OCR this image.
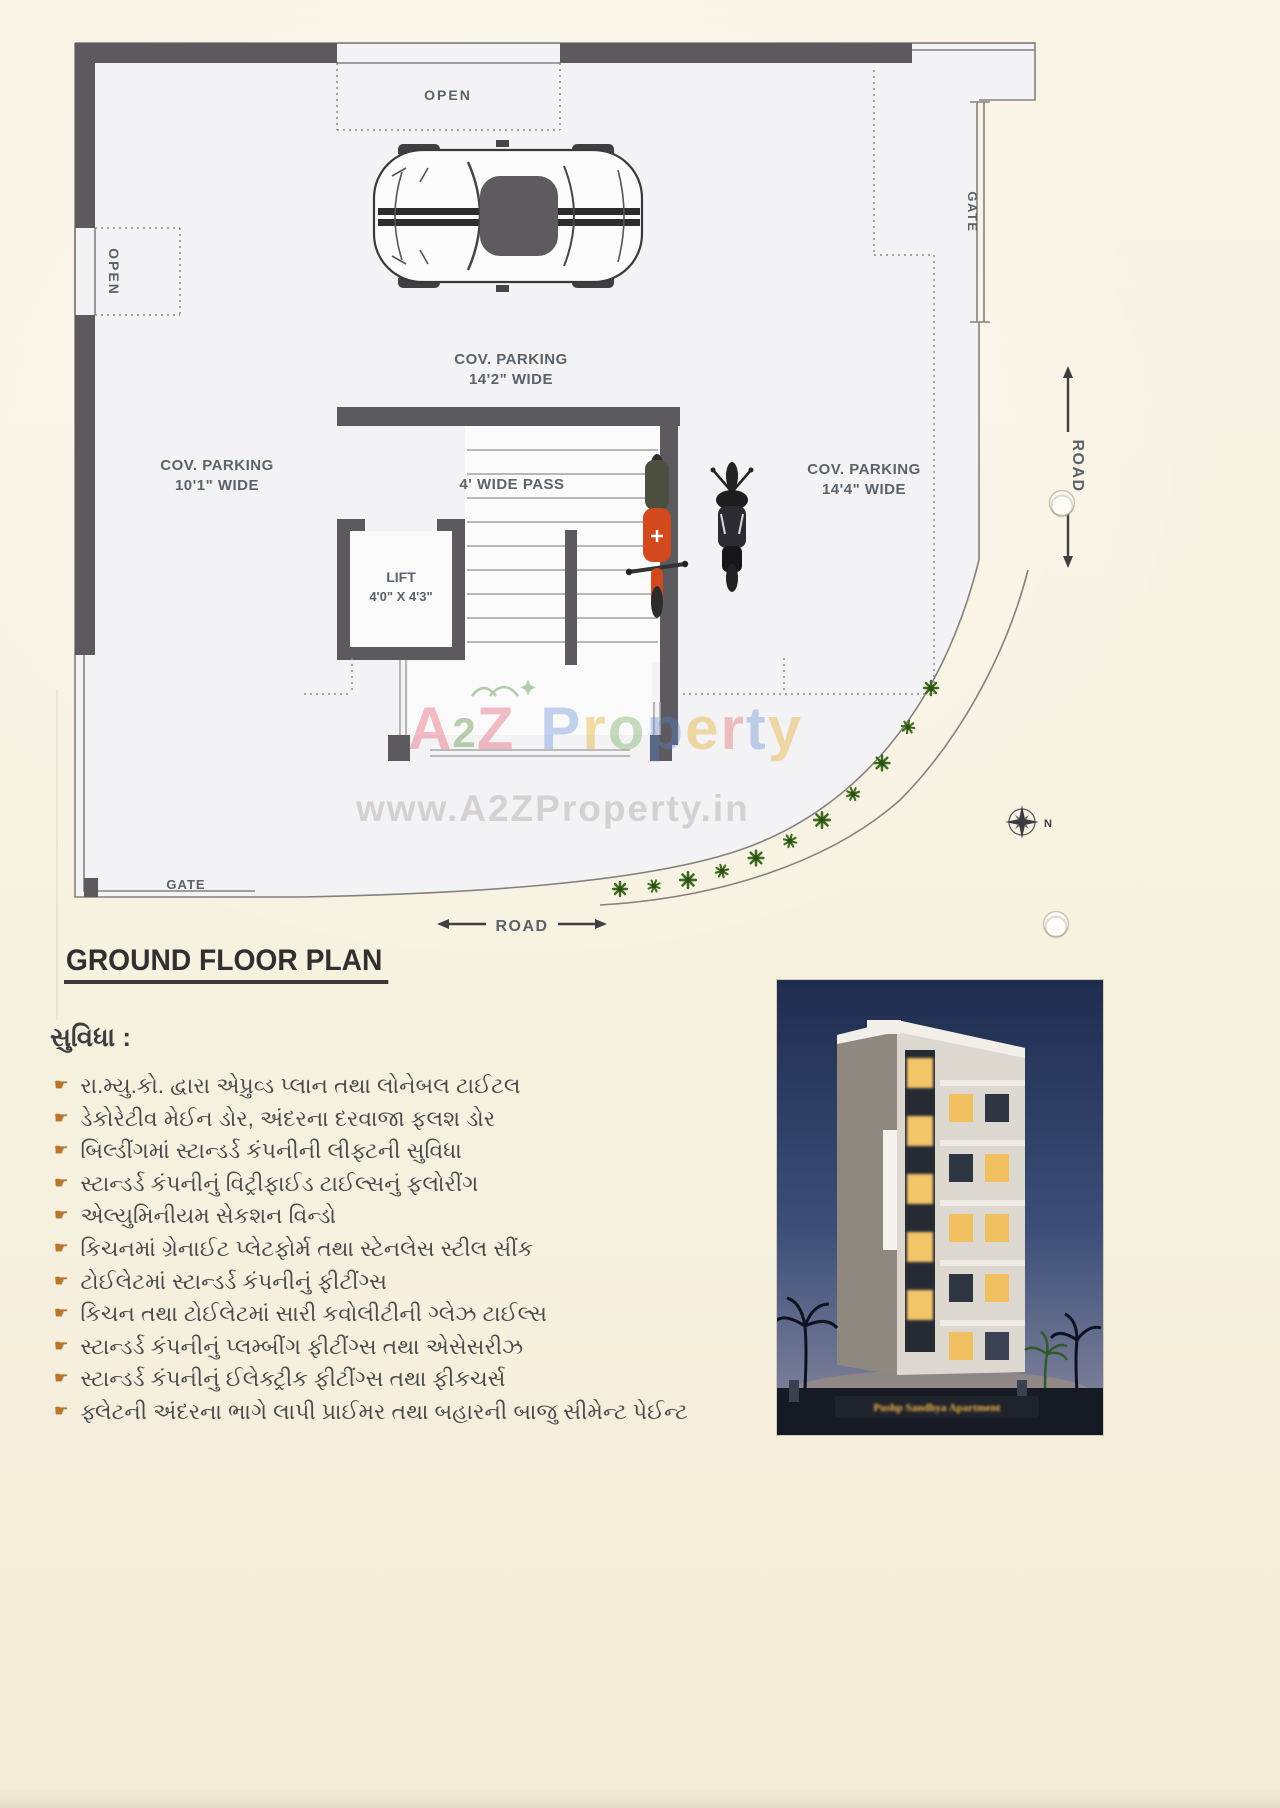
N
OPEN
OPEN
GATE
COV. PARKING
14'2" WIDE
COV. PARKING
10'1" WIDE
COV. PARKING
14'4" WIDE
4' WIDE PASS
LIFT
4'0" X 4'3"
GATE
ROAD
ROAD
A2Z Property
www.A2ZProperty.in
GROUND FLOOR PLAN
સુવિધા :
☛ રા.મ્યુ.કો. દ્વારા એપ્રુવ્ડ પ્લાન તથા લોનેબલ ટાઈટલ
☛ ડેકોરેટીવ મેઈન ડોર, અંદરના દરવાજા ફલશ ડોર
☛ બિલ્ડીંગમાં સ્ટાન્ડર્ડ કંપનીની લીફ્ટની સુવિધા
☛ સ્ટાન્ડર્ડ કંપનીનું વિટ્રીફાઈડ ટાઈલ્સનું ફલોરીંગ
☛ એલ્યુમિનીયમ સેકશન વિન્ડો
☛ કિચનમાં ગ્રેનાઈટ પ્લેટફોર્મ તથા સ્ટેનલેસ સ્ટીલ સીંક
☛ ટોઈલેટમાં સ્ટાન્ડર્ડ કંપનીનું ફીટીંગ્સ
☛ કિચન તથા ટોઈલેટમાં સારી કવોલીટીની ગ્લેઝ ટાઈલ્સ
☛ સ્ટાન્ડર્ડ કંપનીનું પ્લમ્બીંગ ફીટીંગ્સ તથા એસેસરીઝ
☛ સ્ટાન્ડર્ડ કંપનીનું ઈલેક્ટ્રીક ફીટીંગ્સ તથા ફીકચર્સ
☛ ફ્લેટની અંદરના ભાગે લાપી પ્રાઈમર તથા બહારની બાજુ સીમેન્ટ પેઈન્ટ	Pushp Sandhya Apartment
